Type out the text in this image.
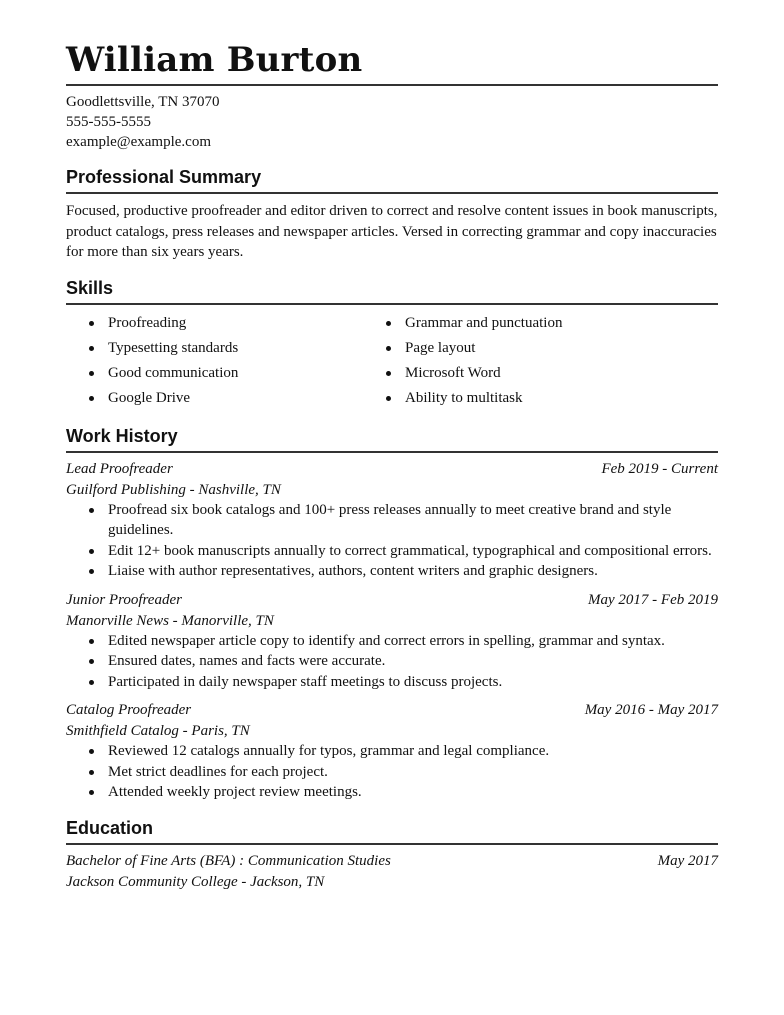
William Burton
Goodlettsville, TN 37070
555-555-5555
example@example.com
Professional Summary
Focused, productive proofreader and editor driven to correct and resolve content issues in book manuscripts, product catalogs, press releases and newspaper articles. Versed in correcting grammar and copy inaccuracies for more than six years years.
Skills
Proofreading	Grammar and punctuation
Typesetting standards	Page layout
Good communication	Microsoft Word
Google Drive	Ability to multitask
Work History
Lead Proofreader	Feb 2019 - Current
Guilford Publishing - Nashville, TN
Proofread six book catalogs and 100+ press releases annually to meet creative brand and style guidelines.
Edit 12+ book manuscripts annually to correct grammatical, typographical and compositional errors.
Liaise with author representatives, authors, content writers and graphic designers.
Junior Proofreader	May 2017 - Feb 2019
Manorville News - Manorville, TN
Edited newspaper article copy to identify and correct errors in spelling, grammar and syntax.
Ensured dates, names and facts were accurate.
Participated in daily newspaper staff meetings to discuss projects.
Catalog Proofreader	May 2016 - May 2017
Smithfield Catalog - Paris, TN
Reviewed 12 catalogs annually for typos, grammar and legal compliance.
Met strict deadlines for each project.
Attended weekly project review meetings.
Education
Bachelor of Fine Arts (BFA) : Communication Studies	May 2017
Jackson Community College - Jackson, TN
